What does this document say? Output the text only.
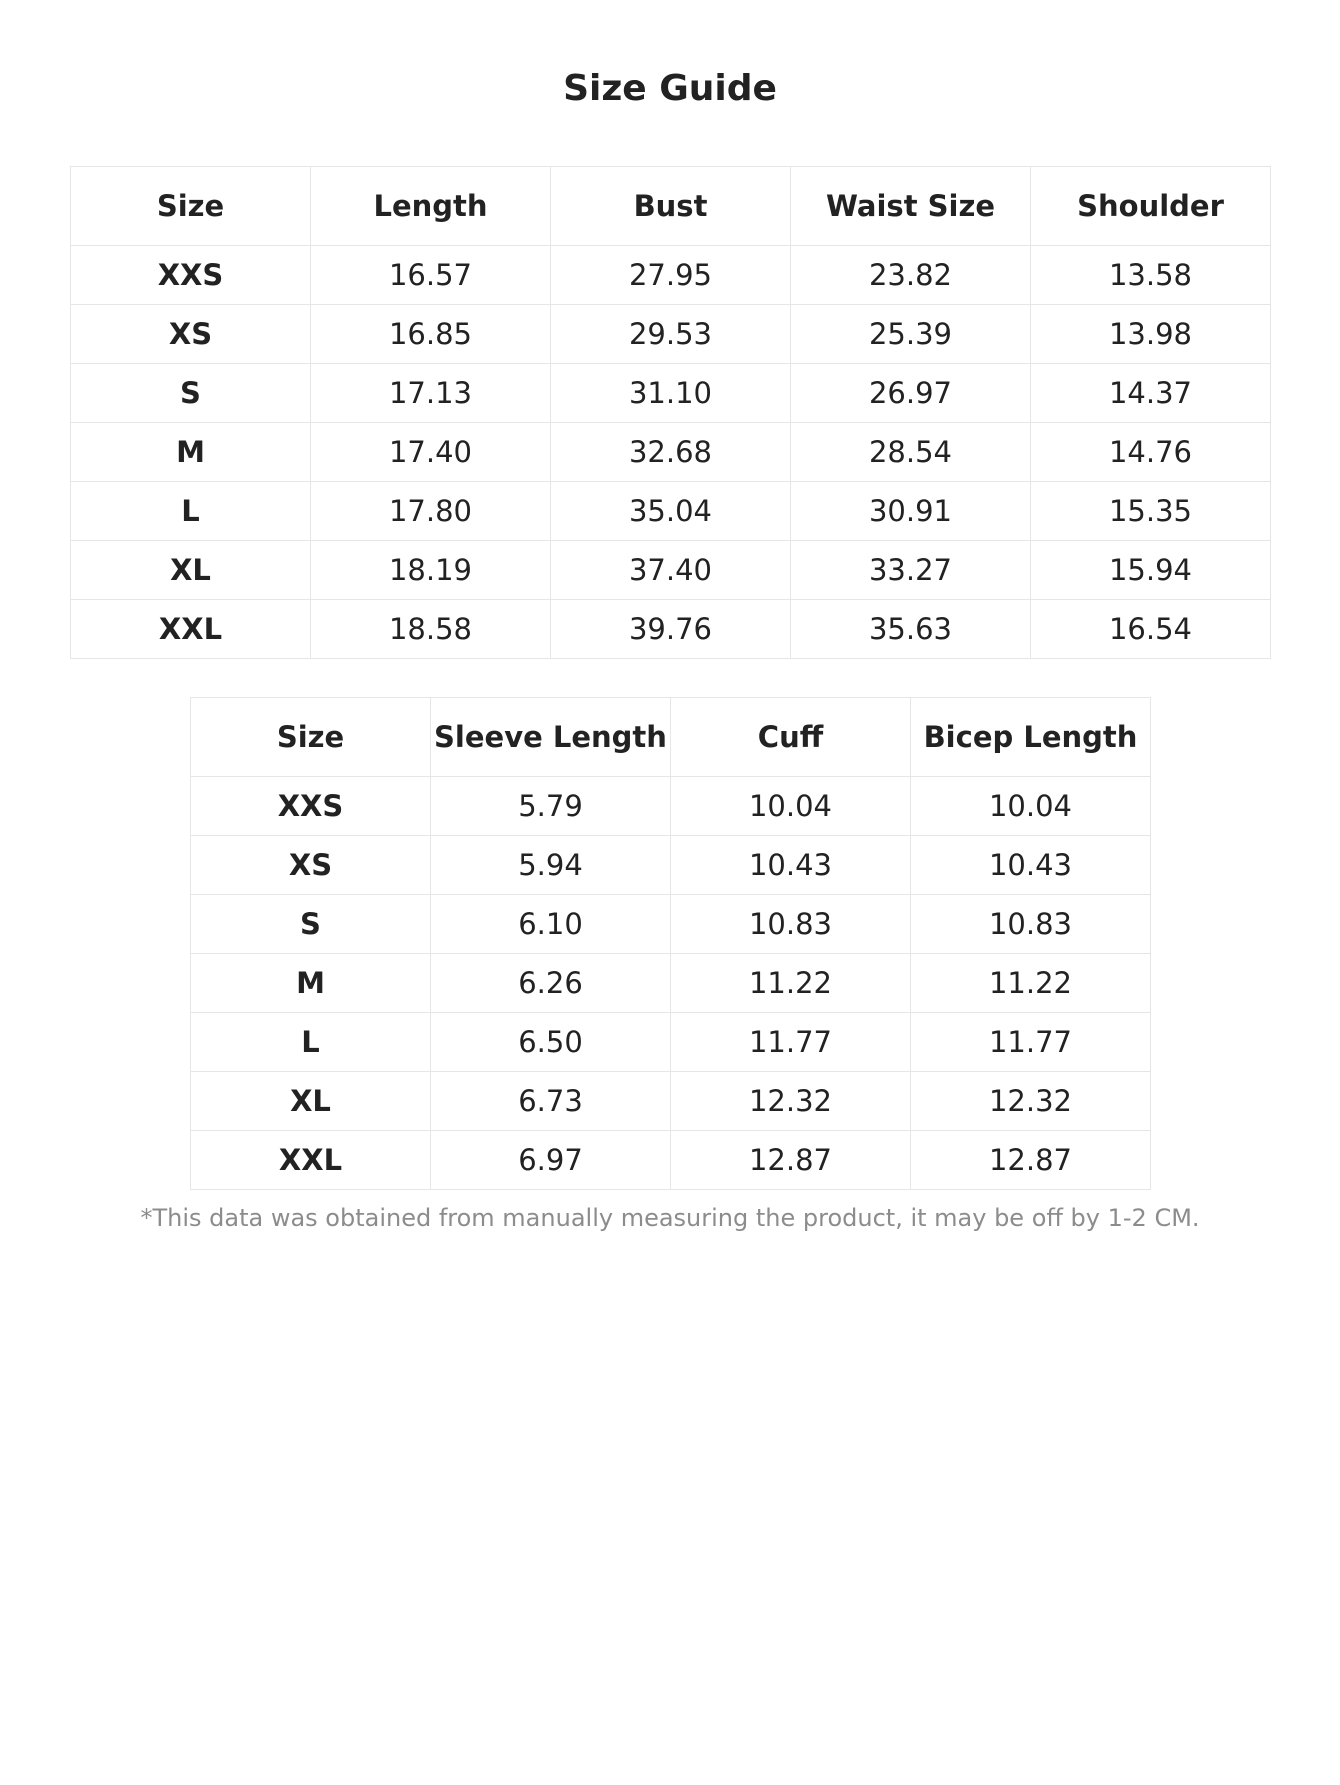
Size Guide
Size	Length	Bust	Waist Size	Shoulder
XXS	16.57	27.95	23.82	13.58
XS	16.85	29.53	25.39	13.98
S	17.13	31.10	26.97	14.37
M	17.40	32.68	28.54	14.76
L	17.80	35.04	30.91	15.35
XL	18.19	37.40	33.27	15.94
XXL	18.58	39.76	35.63	16.54
Size	Sleeve Length	Cuff	Bicep Length
XXS	5.79	10.04	10.04
XS	5.94	10.43	10.43
S	6.10	10.83	10.83
M	6.26	11.22	11.22
L	6.50	11.77	11.77
XL	6.73	12.32	12.32
XXL	6.97	12.87	12.87

*This data was obtained from manually measuring the product, it may be off by 1-2 CM.
